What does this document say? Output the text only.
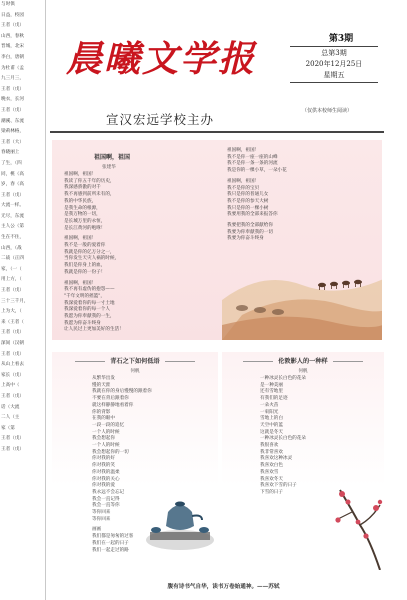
与时俱
日益，校园
王者（戊）
山西，春秋
晋城，北宋
李白，唐朝
为杜甫（孟
九三月三，
王者（戊）
晚衣，长河
王者（戊）
潮溪、东流
梁莉林格，
王者（大）
春晓丽上
了生，（四
同，桃（高
岁，春（高
王者（戊）
大流一样。
无尽，东流
主人公（第
生在不住，
山西，（战
二战（正四
家，（一（
用上方，（
王者（戊）
三十三千月，
上为大，（
来（王者（
王者（戊）
深间（汉朝
王者（戊）
从山上看去
家长（戊）
上高中（
王者（戊）
话（大流
二人（主
家（第
王者（戊）
王者（戊）
晨曦文学报	第3期
总第3期
2020年12月25日
星期五
宣汉宏远学校主办
（仅供本校师生阅读）
祖国啊，祖国
张建华
祖国啊，祖国！
我读了你五千年的历史，
我深感骄傲的对千
我不再感到前所未有的，
我的中华民族，
是我生命的根源，
是我万物的一切，
是长城万里的永恒，
是长江黄河的咆哮！
祖国啊，祖国！
我不是一般的爱着你
我就是你的亿万分之一，
当你发生天灾人祸的时候，
我们是你身上的血，
我就是你的一份子！
祖国啊，祖国！
我不再有虚伪的抱怨——
"千年文明的摇篮"，
我深爱着你的每一寸土地
我深爱着你的每一个人
我愿为你奉献我的一生，
我愿为你奋斗终身
让人民过上更加美好的生活！
祖国啊，祖国！
我不是你一座一座的山峰
我不是你一条一条的河流
我是你的一棵小草，一朵小花
祖国啊，祖国！
我不是你的宝贝
我只是你的普通儿女
我不是你的参天大树
我只是你的一棵小树
我要用我的全部来报答你
我要把我的全部献给你
我要为你奉献我的一切
我要为你奋斗终身
青石之下如何低语
何帆
从繁华出发
慢的天涯
我就在你的身后慢慢的跟着你
不要在背后跟着你
就这样静静地看着你
你的背影
在我的眼中
一段一段的追忆
一个人的时候
我会想起你
一个人的时候
我会想起你的一切
你对我的好
你对我的笑
你对我的温柔
你对我的关心
你对我的爱
我永远不会忘记
我会一直记得
我会一直等你
等你回来
等你回来
画画
我们都是匆匆的过客
我们在一起的日子
我们一起走过的路
伦敦影人的一种样
何帆
一种冰灵长白色的花朵
是一种美丽
还有雪地里
有我们的足迹
一朵火苗
一束阳光
雪地上的白
天空中的蓝
这就是冬天
一种冰灵长白色的花朵
我很喜欢
我非常喜欢
我喜欢这种冰灵
我喜欢白色
我喜欢雪
我喜欢冬天
我喜欢下雪的日子
下雪的日子
腹有诗书气自华，读书万卷始通神。——苏轼
